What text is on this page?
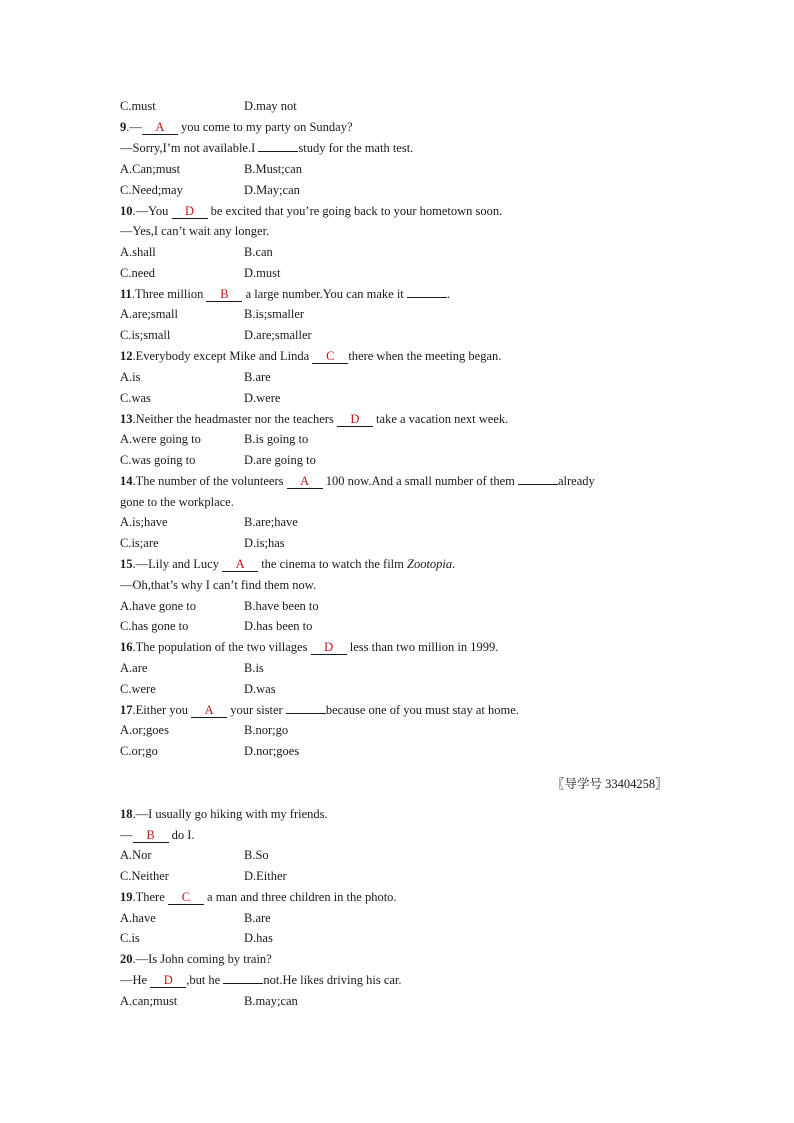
C.must	D.may not
9.— A you come to my party on Sunday?
—Sorry,I’m not available.I	study for the math test.
A.Can;must	B.Must;can
C.Need;may	D.May;can
10.—You D be excited that you’re going back to your hometown soon.
—Yes,I can’t wait any longer.
A.shall	B.can
C.need	D.must
11.Three million B a large number.You can make it	.
A.are;small	B.is;smaller
C.is;small	D.are;smaller
12.Everybody except Mike and Linda C there when the meeting began.
A.is	B.are
C.was	D.were
13.Neither the headmaster nor the teachers D take a vacation next week.
A.were going to	B.is going to
C.was going to	D.are going to
14.The number of the volunteers A 100 now.And a small number of them	already
gone to the workplace.
A.is;have	B.are;have
C.is;are	D.is;has
15.—Lily and Lucy A the cinema to watch the film Zootopia.
—Oh,that’s why I can’t find them now.
A.have gone to	B.have been to
C.has gone to	D.has been to
16.The population of the two villages D less than two million in 1999.
A.are	B.is
C.were	D.was
17.Either you A your sister	because one of you must stay at home.
A.or;goes	B.nor;go
C.or;go	D.nor;goes
〖导学号 33404258〗
18.—I usually go hiking with my friends.
— B do I.
A.Nor	B.So
C.Neither	D.Either
19.There C a man and three children in the photo.
A.have	B.are
C.is	D.has
20.—Is John coming by train?
—He D ,but he	not.He likes driving his car.
A.can;must	B.may;can
